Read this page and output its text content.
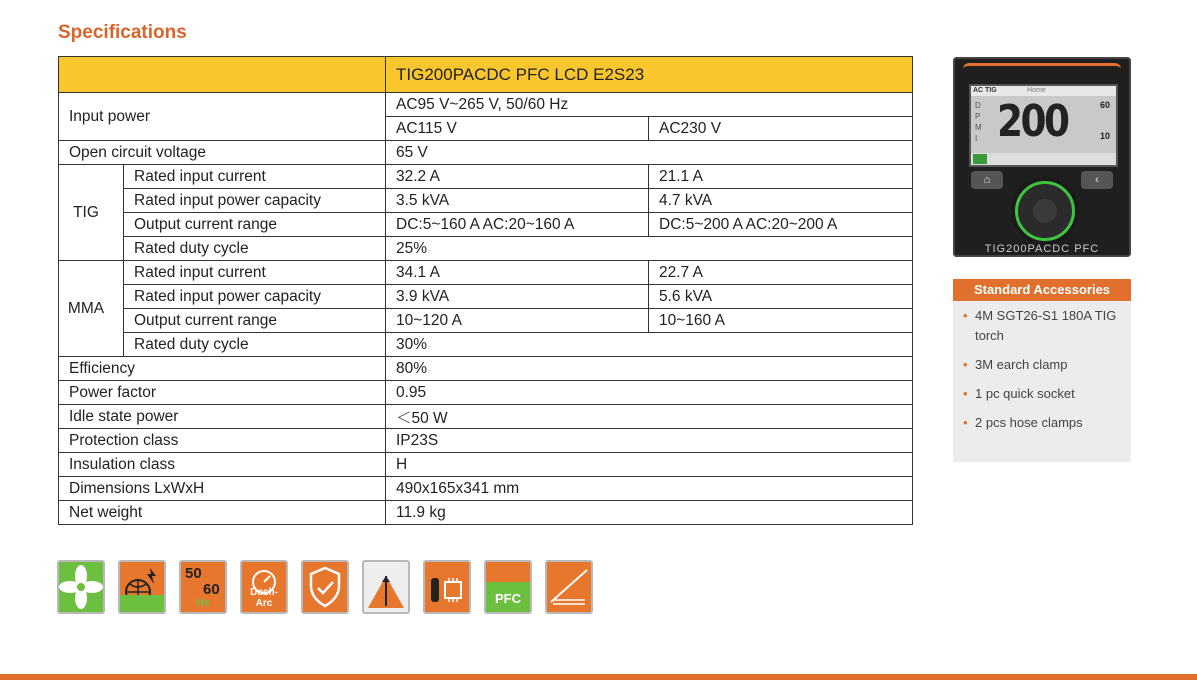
Specifications
		TIG200PACDC PFC LCD E2S23	
Input power		AC95 V~265 V, 50/60 Hz	
		AC115 V	AC230 V
Open circuit voltage		65 V	
TIG	Rated input current	32.2 A	21.1 A
	Rated input power capacity	3.5 kVA	4.7 kVA
	Output current range	DC:5~160 A AC:20~160 A	DC:5~200 A AC:20~200 A
	Rated duty cycle	25%	
MMA	Rated input current	34.1 A	22.7 A
	Rated input power capacity	3.9 kVA	5.6 kVA
	Output current range	10~120 A	10~160 A
	Rated duty cycle	30%	
Efficiency		80%	
Power factor		0.95	
Idle state power		＜50 W	
Protection class		IP23S	
Insulation class		H	
Dimensions LxWxH		490x165x341 mm	
Net weight		11.9 kg	
AC TIG	Home
D
P
M
I 200	60
10
⌂	‹
TIG200PACDC PFC
Standard Accessories
• 4M SGT26-S1 180A TIG torch
• 3M earch clamp
• 1 pc quick socket
• 2 pcs hose clamps
50
60
Hz
Dash-Arc	PFC
